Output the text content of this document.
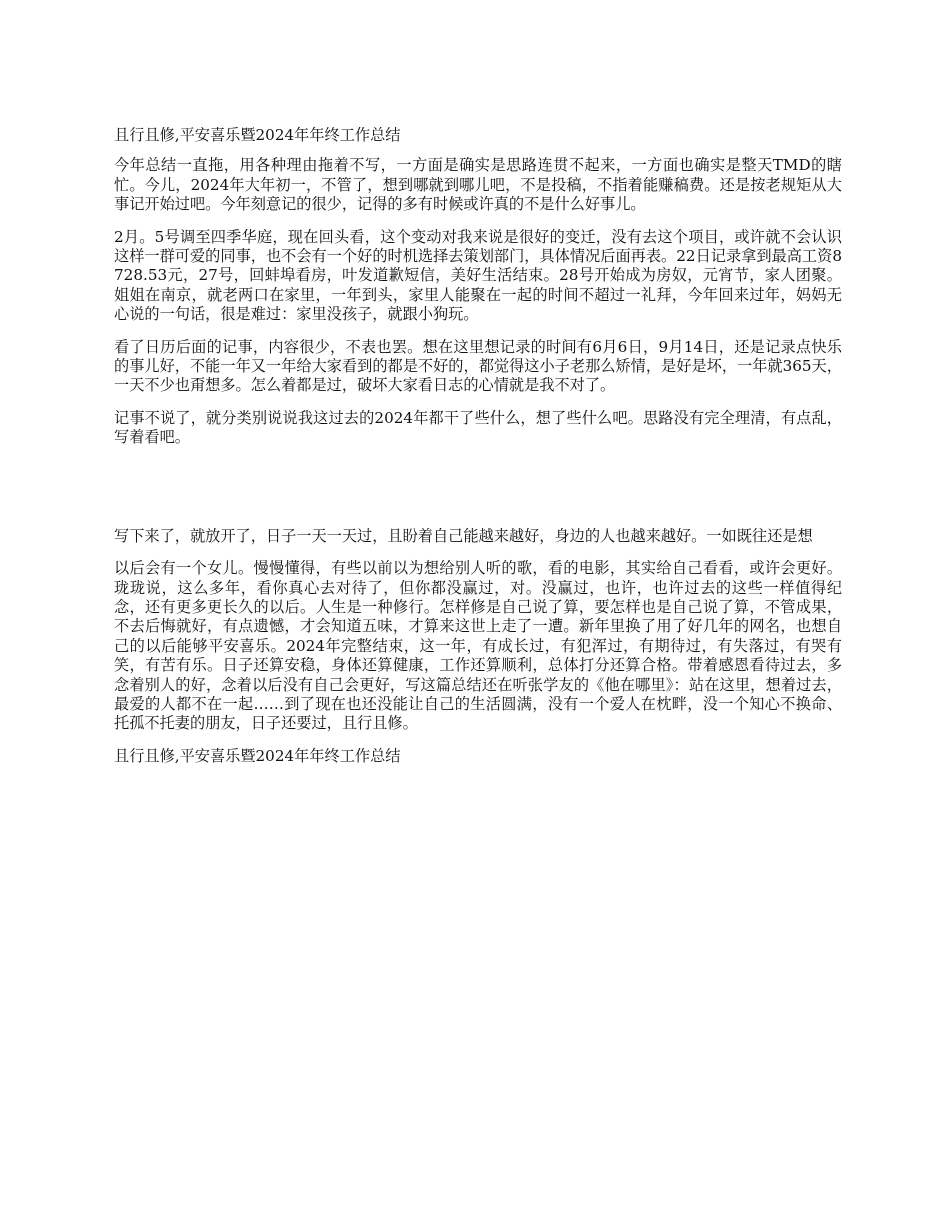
且行且修,平安喜乐暨2024年年终工作总结

今年总结一直拖，用各种理由拖着不写，一方面是确实是思路连贯不起来，一方面也确实是整天TMD的瞎忙。今儿，2024年大年初一，不管了，想到哪就到哪儿吧，不是投稿，不指着能赚稿费。还是按老规矩从大事记开始过吧。今年刻意记的很少，记得的多有时候或许真的不是什么好事儿。

2月。5号调至四季华庭，现在回头看，这个变动对我来说是很好的变迁，没有去这个项目，或许就不会认识这样一群可爱的同事，也不会有一个好的时机选择去策划部门，具体情况后面再表。22日记录拿到最高工资8728.53元，27号，回蚌埠看房，叶发道歉短信，美好生活结束。28号开始成为房奴，元宵节，家人团聚。姐姐在南京，就老两口在家里，一年到头，家里人能聚在一起的时间不超过一礼拜，今年回来过年，妈妈无心说的一句话，很是难过：家里没孩子，就跟小狗玩。

看了日历后面的记事，内容很少，不表也罢。想在这里想记录的时间有6月6日，9月14日，还是记录点快乐的事儿好，不能一年又一年给大家看到的都是不好的，都觉得这小子老那么矫情，是好是坏，一年就365天，一天不少也甭想多。怎么着都是过，破坏大家看日志的心情就是我不对了。

记事不说了，就分类别说说我这过去的2024年都干了些什么，想了些什么吧。思路没有完全理清，有点乱，写着看吧。

写下来了，就放开了，日子一天一天过，且盼着自己能越来越好，身边的人也越来越好。一如既往还是想

以后会有一个女儿。慢慢懂得，有些以前以为想给别人听的歌，看的电影，其实给自己看看，或许会更好。珑珑说，这么多年，看你真心去对待了，但你都没赢过，对。没赢过，也许，也许过去的这些一样值得纪念，还有更多更长久的以后。人生是一种修行。怎样修是自己说了算，要怎样也是自己说了算，不管成果，不去后悔就好，有点遗憾，才会知道五味，才算来这世上走了一遭。新年里换了用了好几年的网名，也想自己的以后能够平安喜乐。2024年完整结束，这一年，有成长过，有犯浑过，有期待过，有失落过，有哭有笑，有苦有乐。日子还算安稳，身体还算健康，工作还算顺利，总体打分还算合格。带着感恩看待过去，多念着别人的好，念着以后没有自己会更好，写这篇总结还在听张学友的《他在哪里》：站在这里，想着过去，最爱的人都不在一起……到了现在也还没能让自己的生活圆满，没有一个爱人在枕畔，没一个知心不换命、托孤不托妻的朋友，日子还要过，且行且修。

且行且修,平安喜乐暨2024年年终工作总结
